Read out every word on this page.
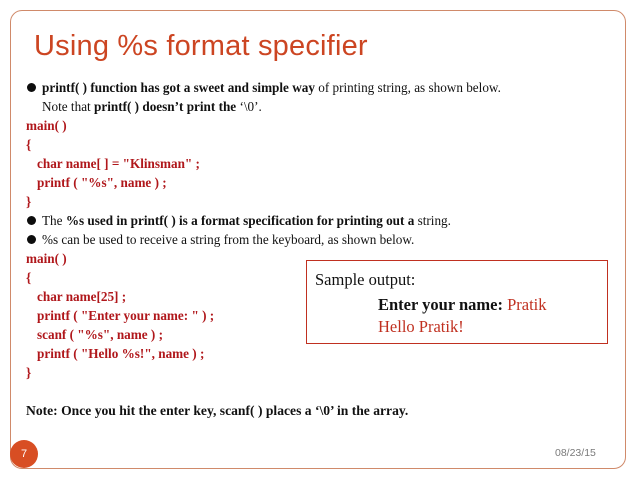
Using %s format specifier
printf( ) function has got a sweet and simple way of printing string, as shown below.
Note that printf( ) doesn’t print the ‘\0’.
main( )
{
char name[ ] = "Klinsman" ;
printf ( "%s", name ) ;
}
The %s used in printf( ) is a format specification for printing out a string.
%s can be used to receive a string from the keyboard, as shown below.
main( )
{
char name[25] ;
printf ( "Enter your name: " ) ;
scanf ( "%s", name ) ;
printf ( "Hello %s!", name ) ;
}
Note: Once you hit the enter key, scanf( ) places a ‘\0’ in the array.
Sample output:
Enter your name: Pratik
Hello Pratik!
7	08/23/15
